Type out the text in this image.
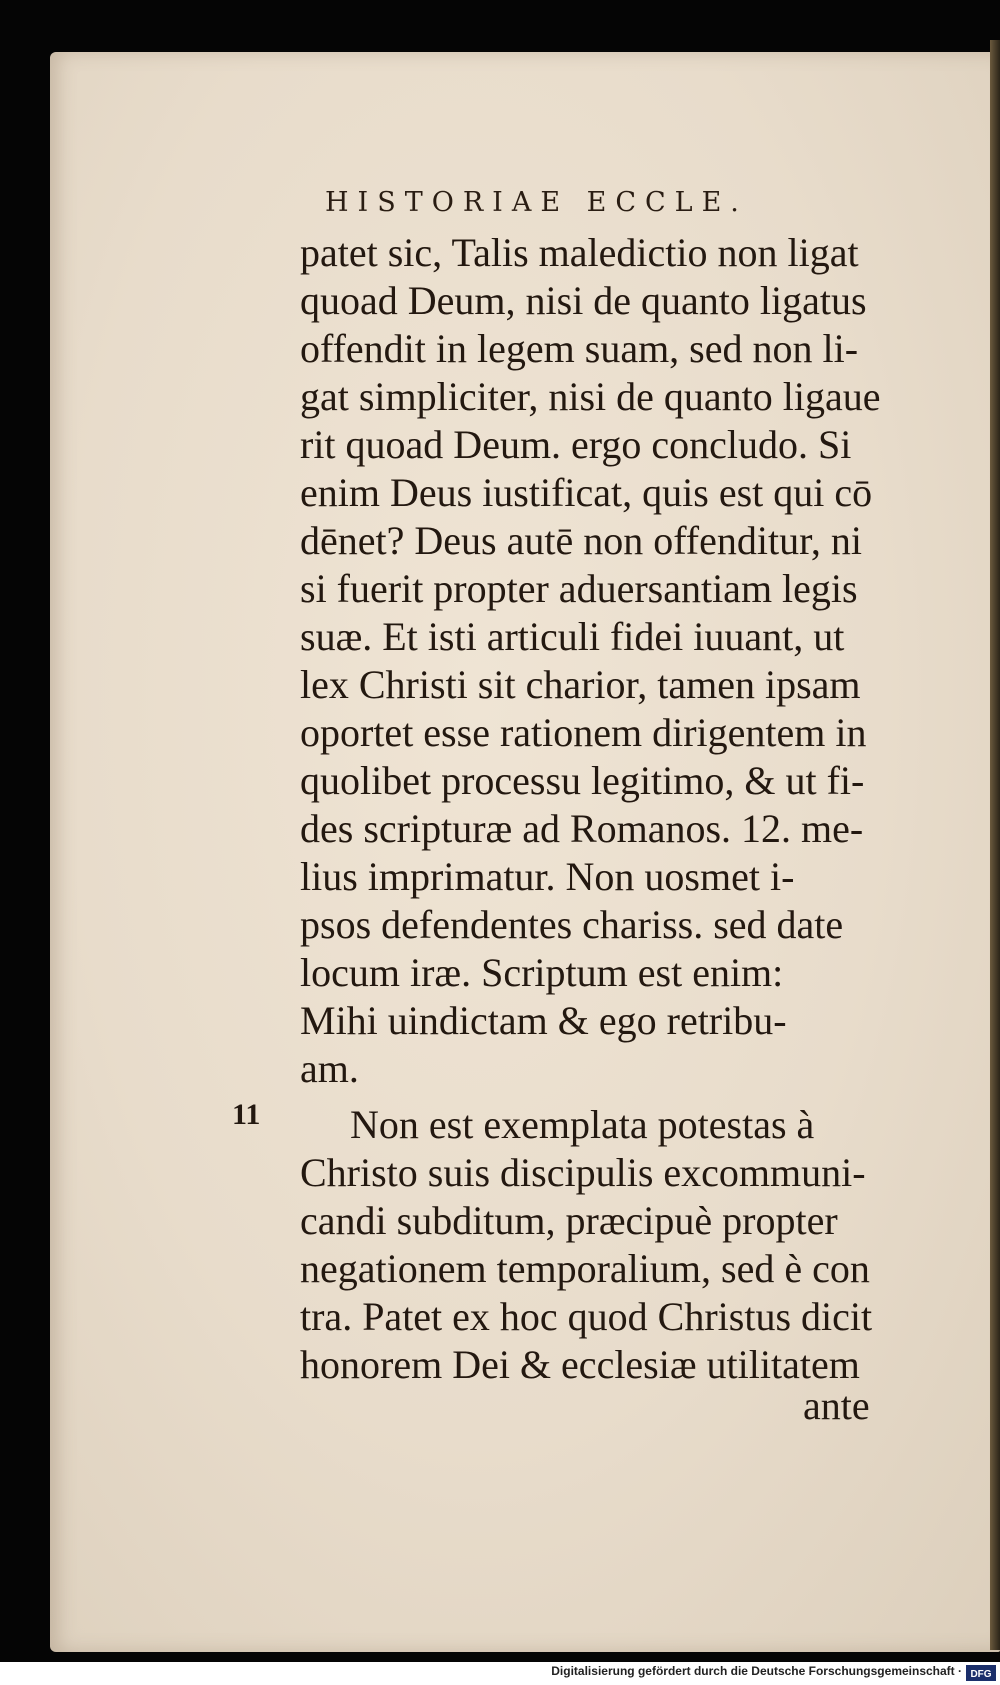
HISTORIAE ECCLE.
patet sic, Talis maledictio non ligat
quoad Deum, nisi de quanto ligatus
offendit in legem suam, sed non li-
gat simpliciter, nisi de quanto ligaue
rit quoad Deum. ergo concludo. Si
enim Deus iustificat, quis est qui cō
dēnet? Deus autē non offenditur, ni
si fuerit propter aduersantiam legis
suæ. Et isti articuli fidei iuuant, ut
lex Christi sit charior, tamen ipsam
oportet esse rationem dirigentem in
quolibet processu legitimo, & ut fi-
des scripturæ ad Romanos. 12. me-
lius imprimatur. Non uosmet i-
psos defendentes chariss. sed date
locum iræ. Scriptum est enim:
Mihi uindictam & ego retribu-
am.
Non est exemplata potestas à
Christo suis discipulis excommuni-
candi subditum, præcipuè propter
negationem temporalium, sed è con
tra. Patet ex hoc quod Christus dicit
honorem Dei & ecclesiæ utilitatem
11
ante
Digitalisierung gefördert durch die Deutsche Forschungsgemeinschaft · DFG
